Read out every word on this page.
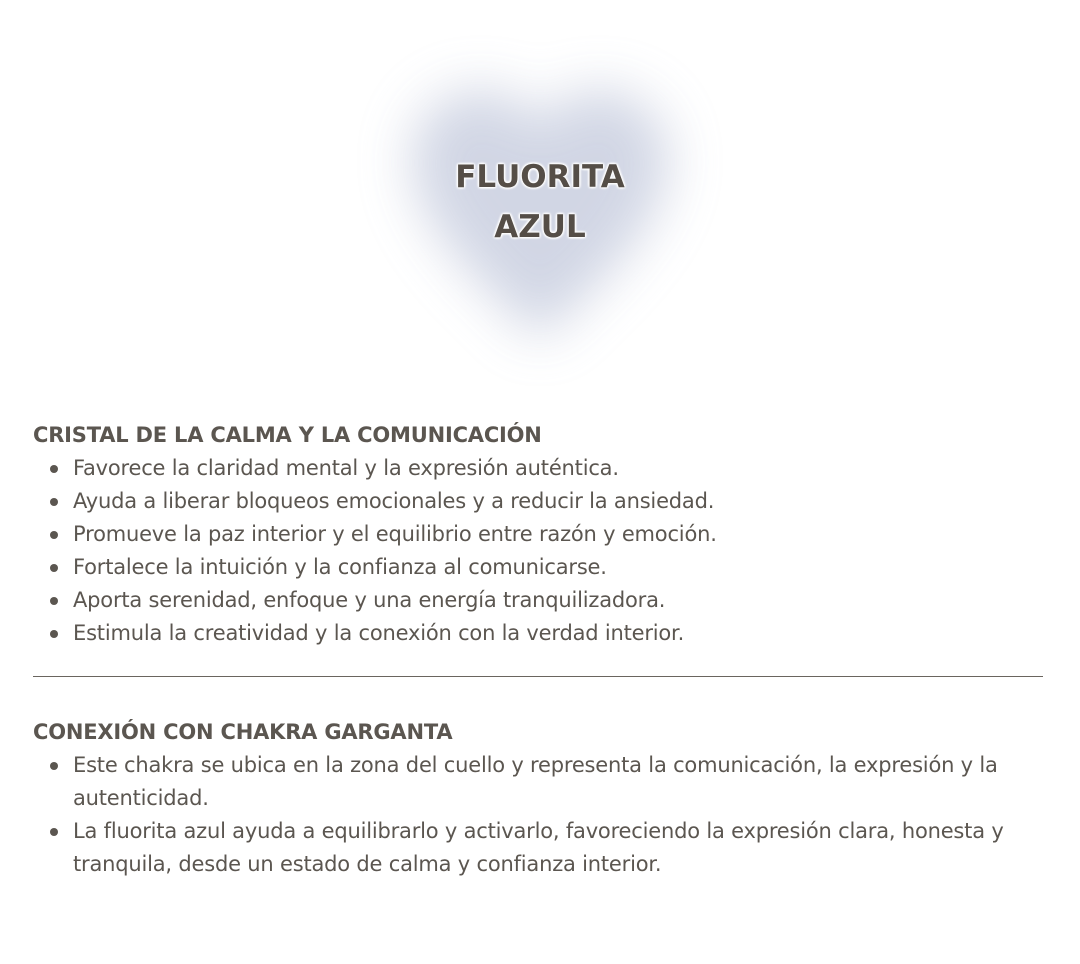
FLUORITA
AZUL
CRISTAL DE LA CALMA Y LA COMUNICACIÓN
Favorece la claridad mental y la expresión auténtica.
Ayuda a liberar bloqueos emocionales y a reducir la ansiedad.
Promueve la paz interior y el equilibrio entre razón y emoción.
Fortalece la intuición y la confianza al comunicarse.
Aporta serenidad, enfoque y una energía tranquilizadora.
Estimula la creatividad y la conexión con la verdad interior.
CONEXIÓN CON CHAKRA GARGANTA
Este chakra se ubica en la zona del cuello y representa la comunicación, la expresión y la autenticidad.
La fluorita azul ayuda a equilibrarlo y activarlo, favoreciendo la expresión clara, honesta y tranquila, desde un estado de calma y confianza interior.
